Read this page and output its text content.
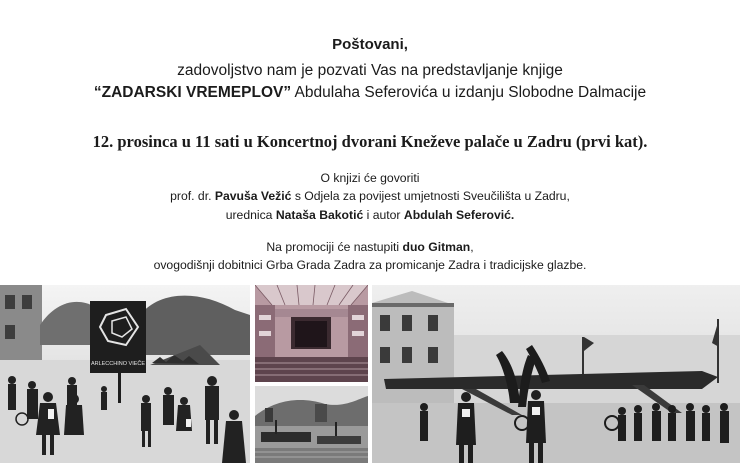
Poštovani,
zadovoljstvo nam je pozvati Vas na predstavljanje knjige
“ZADARSKI VREMEPLOV” Abdulaha Seferovića u izdanju Slobodne Dalmacije
12. prosinca u 11 sati u Koncertnoj dvorani Kneževe palače u Zadru (prvi kat).
O knjizi će govoriti
prof. dr. Pavuša Vežić s Odjela za povijest umjetnosti Sveučilišta u Zadru,
urednica Nataša Bakotić i autor Abdulah Seferović.
Na promociji će nastupiti duo Gitman,
ovogodišnji dobitnici Grba Grada Zadra za promicanje Zadra i tradicijske glazbe.
ARLECCHINO VIEČE
